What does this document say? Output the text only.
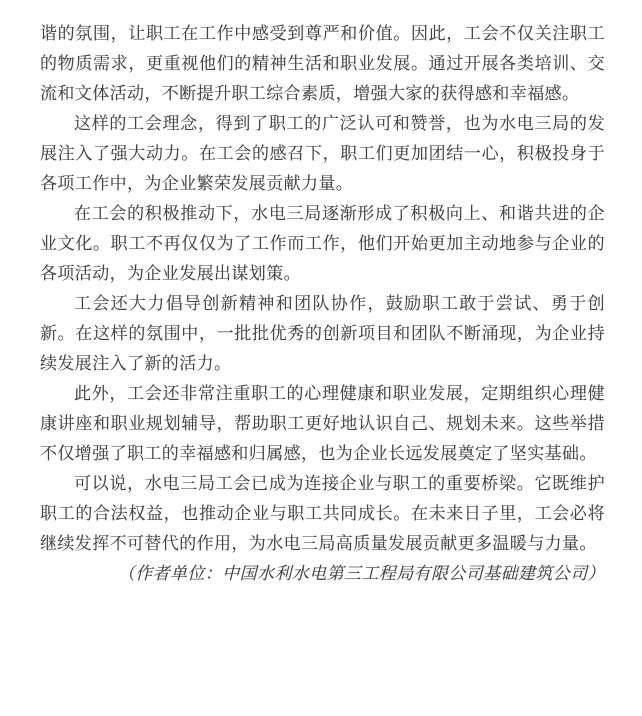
谐的氛围，让职工在工作中感受到尊严和价值。因此，工会不仅关注职工的物质需求，更重视他们的精神生活和职业发展。通过开展各类培训、交流和文体活动，不断提升职工综合素质，增强大家的获得感和幸福感。

这样的工会理念，得到了职工的广泛认可和赞誉，也为水电三局的发展注入了强大动力。在工会的感召下，职工们更加团结一心，积极投身于各项工作中，为企业繁荣发展贡献力量。

在工会的积极推动下，水电三局逐渐形成了积极向上、和谐共进的企业文化。职工不再仅仅为了工作而工作，他们开始更加主动地参与企业的各项活动，为企业发展出谋划策。

工会还大力倡导创新精神和团队协作，鼓励职工敢于尝试、勇于创新。在这样的氛围中，一批批优秀的创新项目和团队不断涌现，为企业持续发展注入了新的活力。

此外，工会还非常注重职工的心理健康和职业发展，定期组织心理健康讲座和职业规划辅导，帮助职工更好地认识自己、规划未来。这些举措不仅增强了职工的幸福感和归属感，也为企业长远发展奠定了坚实基础。

可以说，水电三局工会已成为连接企业与职工的重要桥梁。它既维护职工的合法权益，也推动企业与职工共同成长。在未来日子里，工会必将继续发挥不可替代的作用，为水电三局高质量发展贡献更多温暖与力量。

（作者单位：中国水利水电第三工程局有限公司基础建筑公司）
